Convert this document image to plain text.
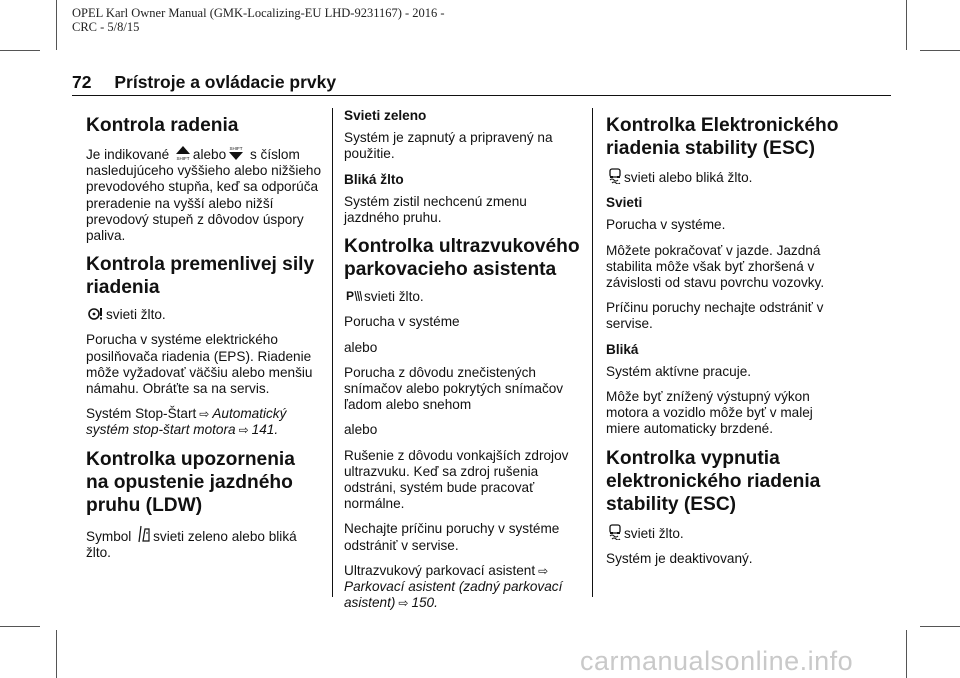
OPEL Karl Owner Manual (GMK-Localizing-EU LHD-9231167) - 2016 -
CRC - 5/8/15
72 Prístroje a ovládacie prvky
Kontrola radenia

Je indikované SHIFT alebo SHIFT s číslom nasledujúceho vyššieho alebo nižšieho prevodového stupňa, keď sa odporúča preradenie na vyšší alebo nižší prevodový stupeň z dôvodov úspory paliva.

Kontrola premenlivej sily riadenia

svieti žlto.

Porucha v systéme elektrického posilňovača riadenia (EPS). Riadenie môže vyžadovať väčšiu alebo menšiu námahu. Obráťte sa na servis.

Systém Stop-Štart ⇨ Automatický systém stop-štart motora ⇨ 141.

Kontrolka upozornenia na opustenie jazdného pruhu (LDW)

Symbol svieti zeleno alebo bliká žlto.

Svieti zeleno

Systém je zapnutý a pripravený na použitie.

Bliká žlto

Systém zistil nechcenú zmenu jazdného pruhu.

Kontrolka ultrazvukového parkovacieho asistenta

P svieti žlto.

Porucha v systéme

alebo

Porucha z dôvodu znečistených snímačov alebo pokrytých snímačov ľadom alebo snehom

alebo

Rušenie z dôvodu vonkajších zdrojov ultrazvuku. Keď sa zdroj rušenia odstráni, systém bude pracovať normálne.

Nechajte príčinu poruchy v systéme odstrániť v servise.

Ultrazvukový parkovací asistent ⇨
Parkovací asistent (zadný parkovací asistent) ⇨ 150.

Kontrolka Elektronického riadenia stability (ESC)

svieti alebo bliká žlto.

Svieti

Porucha v systéme.

Môžete pokračovať v jazde. Jazdná stabilita môže však byť zhoršená v závislosti od stavu povrchu vozovky.

Príčinu poruchy nechajte odstrániť v servise.

Bliká

Systém aktívne pracuje.

Môže byť znížený výstupný výkon motora a vozidlo môže byť v malej miere automaticky brzdené.

Kontrolka vypnutia elektronického riadenia stability (ESC)

svieti žlto.

Systém je deaktivovaný.

carmanualsonline.info
